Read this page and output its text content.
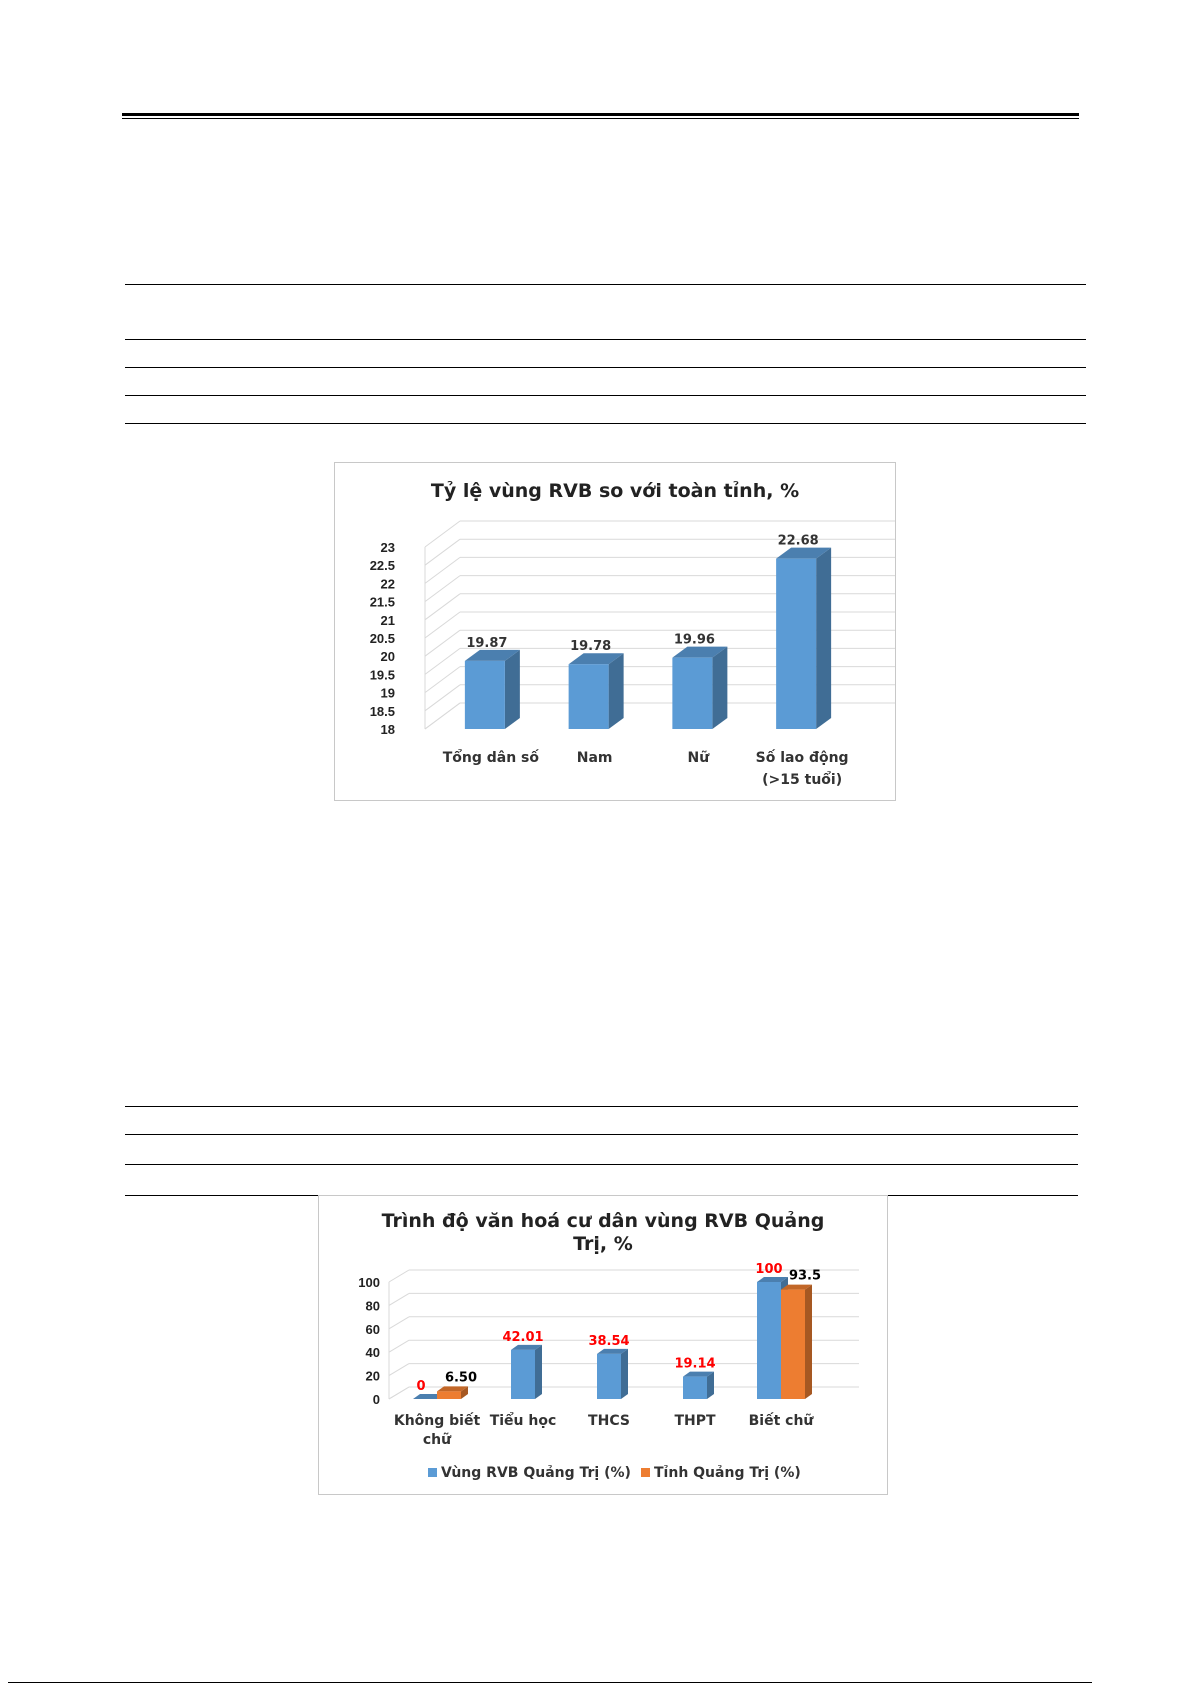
Tỷ lệ vùng RVB so với toàn tỉnh, %
18
18.5
19
19.5
20
20.5
21
21.5
22
22.5
23
19.87	19.78	19.96
22.68
Tổng dân số	Nam	Nữ	Số lao động
(>15 tuổi)
Trình độ văn hoá cư dân vùng RVB Quảng
Trị, %
0
20
40
60
80
100
0
6.50
42.01	38.54
19.14
100 93.5
Không biết
chữ
Tiểu học THCS	THPT Biết chữ
Vùng RVB Quảng Trị (%) Tỉnh Quảng Trị (%)
